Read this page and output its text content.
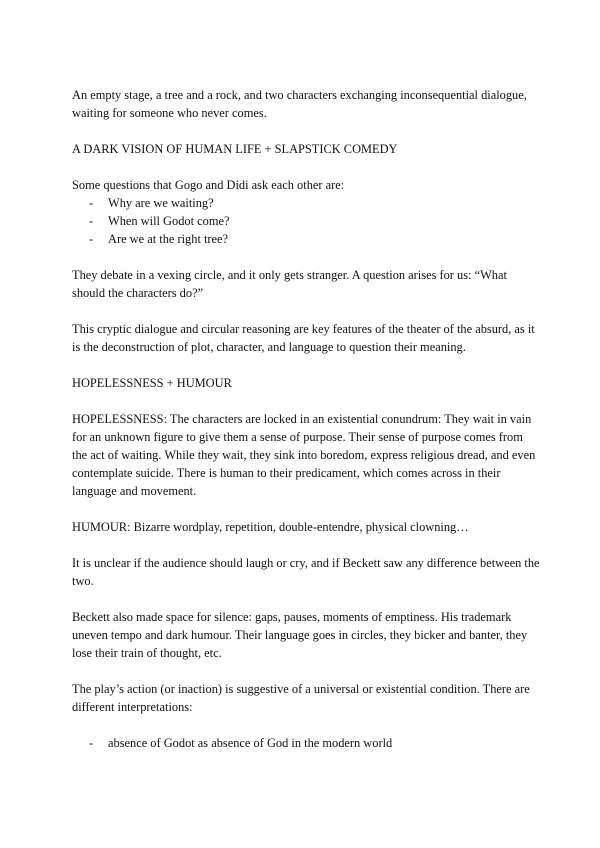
An empty stage, a tree and a rock, and two characters exchanging inconsequential dialogue, waiting for someone who never comes.

A DARK VISION OF HUMAN LIFE + SLAPSTICK COMEDY

Some questions that Gogo and Didi ask each other are:

- Why are we waiting?
- When will Godot come?
- Are we at the right tree?

They debate in a vexing circle, and it only gets stranger. A question arises for us: “What should the characters do?”

This cryptic dialogue and circular reasoning are key features of the theater of the absurd, as it is the deconstruction of plot, character, and language to question their meaning.

HOPELESSNESS + HUMOUR

HOPELESSNESS: The characters are locked in an existential conundrum: They wait in vain for an unknown figure to give them a sense of purpose. Their sense of purpose comes from the act of waiting. While they wait, they sink into boredom, express religious dread, and even contemplate suicide. There is human to their predicament, which comes across in their language and movement.

HUMOUR: Bizarre wordplay, repetition, double-entendre, physical clowning…

It is unclear if the audience should laugh or cry, and if Beckett saw any difference between the two.

Beckett also made space for silence: gaps, pauses, moments of emptiness. His trademark uneven tempo and dark humour. Their language goes in circles, they bicker and banter, they lose their train of thought, etc.

The play’s action (or inaction) is suggestive of a universal or existential condition. There are different interpretations:

- absence of Godot as absence of God in the modern world
